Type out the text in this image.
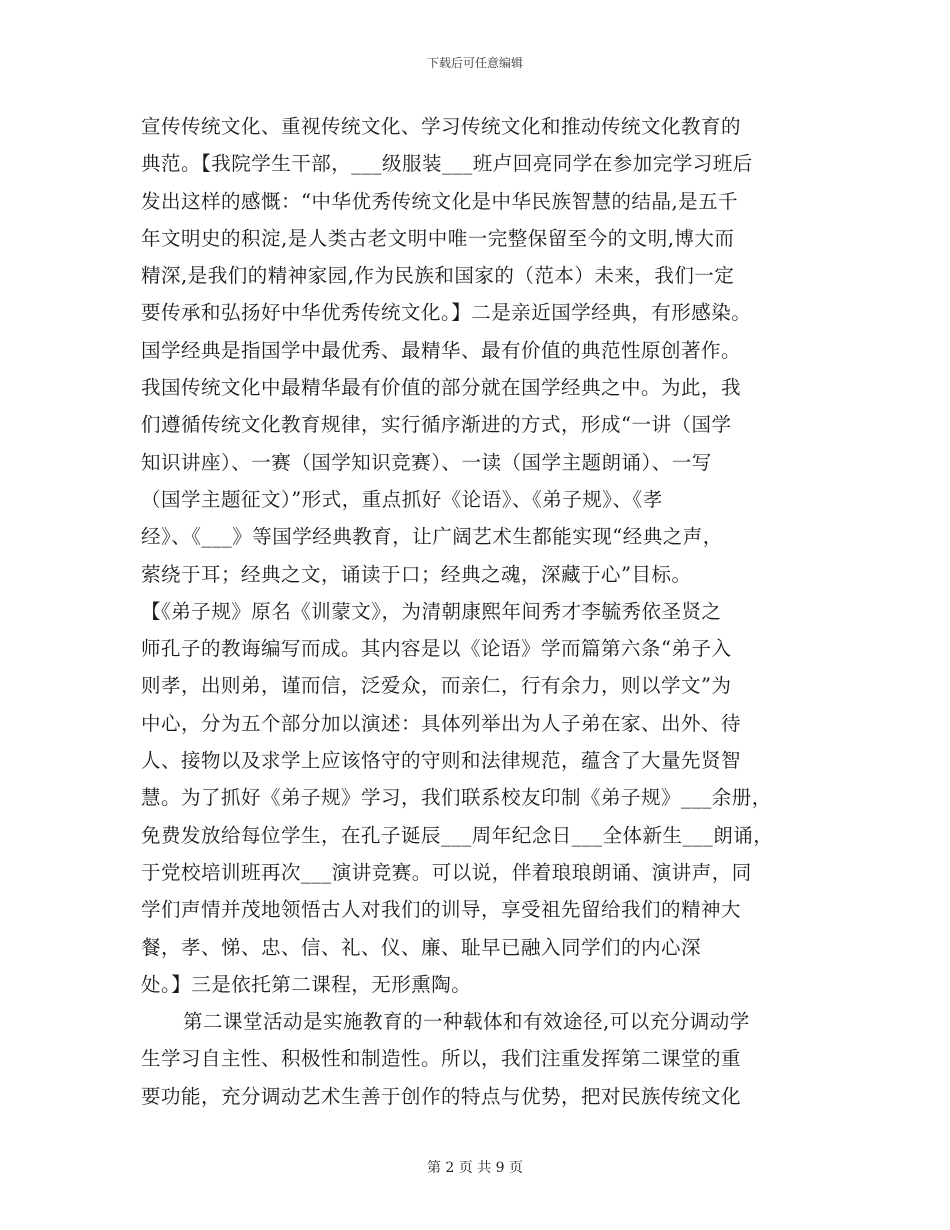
下载后可任意编辑
宣传传统文化、重视传统文化、学习传统文化和推动传统文化教育的
典范。【我院学生干部，___级服装___班卢回亮同学在参加完学习班后
发出这样的感慨：“中华优秀传统文化是中华民族智慧的结晶,是五千
年文明史的积淀,是人类古老文明中唯一完整保留至今的文明,博大而
精深,是我们的精神家园,作为民族和国家的（范本）未来，我们一定
要传承和弘扬好中华优秀传统文化。】二是亲近国学经典，有形感染。
国学经典是指国学中最优秀、最精华、最有价值的典范性原创著作。
我国传统文化中最精华最有价值的部分就在国学经典之中。为此，我
们遵循传统文化教育规律，实行循序渐进的方式，形成“一讲（国学
知识讲座）、一赛（国学知识竞赛）、一读（国学主题朗诵）、一写
（国学主题征文）”形式，重点抓好《论语》、《弟子规》、《孝
经》、《___》等国学经典教育，让广阔艺术生都能实现“经典之声，
萦绕于耳；经典之文，诵读于口；经典之魂，深藏于心”目标。
【《弟子规》原名《训蒙文》，为清朝康熙年间秀才李毓秀依圣贤之
师孔子的教诲编写而成。其内容是以《论语》学而篇第六条“弟子入
则孝，出则弟，谨而信，泛爱众，而亲仁，行有余力，则以学文”为
中心，分为五个部分加以演述：具体列举出为人子弟在家、出外、待
人、接物以及求学上应该恪守的守则和法律规范，蕴含了大量先贤智
慧。为了抓好《弟子规》学习，我们联系校友印制《弟子规》___余册，
免费发放给每位学生，在孔子诞辰___周年纪念日___全体新生___朗诵，
于党校培训班再次___演讲竞赛。可以说，伴着琅琅朗诵、演讲声，同
学们声情并茂地领悟古人对我们的训导，享受祖先留给我们的精神大
餐，孝、悌、忠、信、礼、仪、廉、耻早已融入同学们的内心深
处。】三是依托第二课程，无形熏陶。
第二课堂活动是实施教育的一种载体和有效途径,可以充分调动学
生学习自主性、积极性和制造性。所以，我们注重发挥第二课堂的重
要功能，充分调动艺术生善于创作的特点与优势，把对民族传统文化
第 2 页 共 9 页
